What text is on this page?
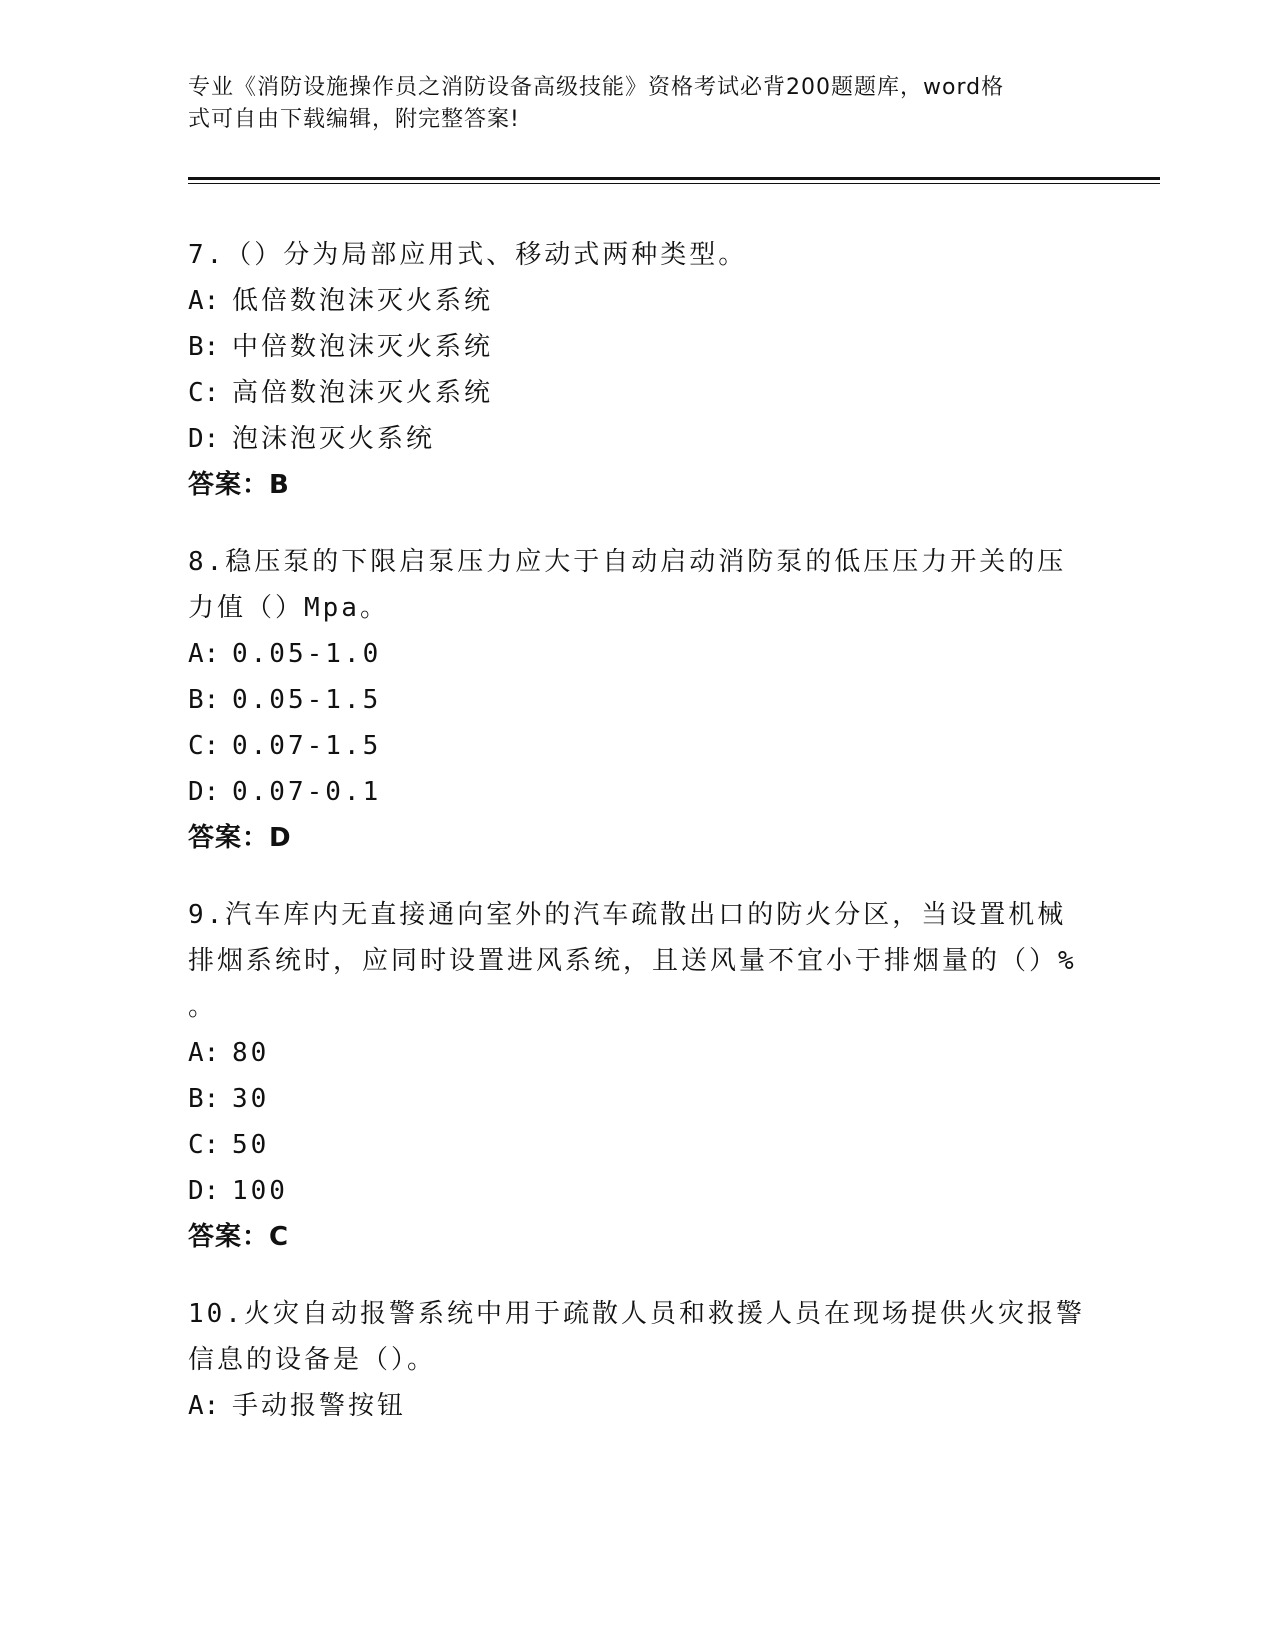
专业《消防设施操作员之消防设备高级技能》资格考试必背200题题库，word格
式可自由下载编辑，附完整答案!
7.（）分为局部应用式、移动式两种类型。
A: 低倍数泡沫灭火系统
B: 中倍数泡沫灭火系统
C: 高倍数泡沫灭火系统
D: 泡沫泡灭火系统
答案：B
8.稳压泵的下限启泵压力应大于自动启动消防泵的低压压力开关的压
力值（）Mpa。
A: 0.05-1.0
B: 0.05-1.5
C: 0.07-1.5
D: 0.07-0.1
答案：D
9.汽车库内无直接通向室外的汽车疏散出口的防火分区，当设置机械
排烟系统时，应同时设置进风系统，且送风量不宜小于排烟量的（）%
。
A: 80
B: 30
C: 50
D: 100
答案：C
10.火灾自动报警系统中用于疏散人员和救援人员在现场提供火灾报警
信息的设备是（）。
A: 手动报警按钮
